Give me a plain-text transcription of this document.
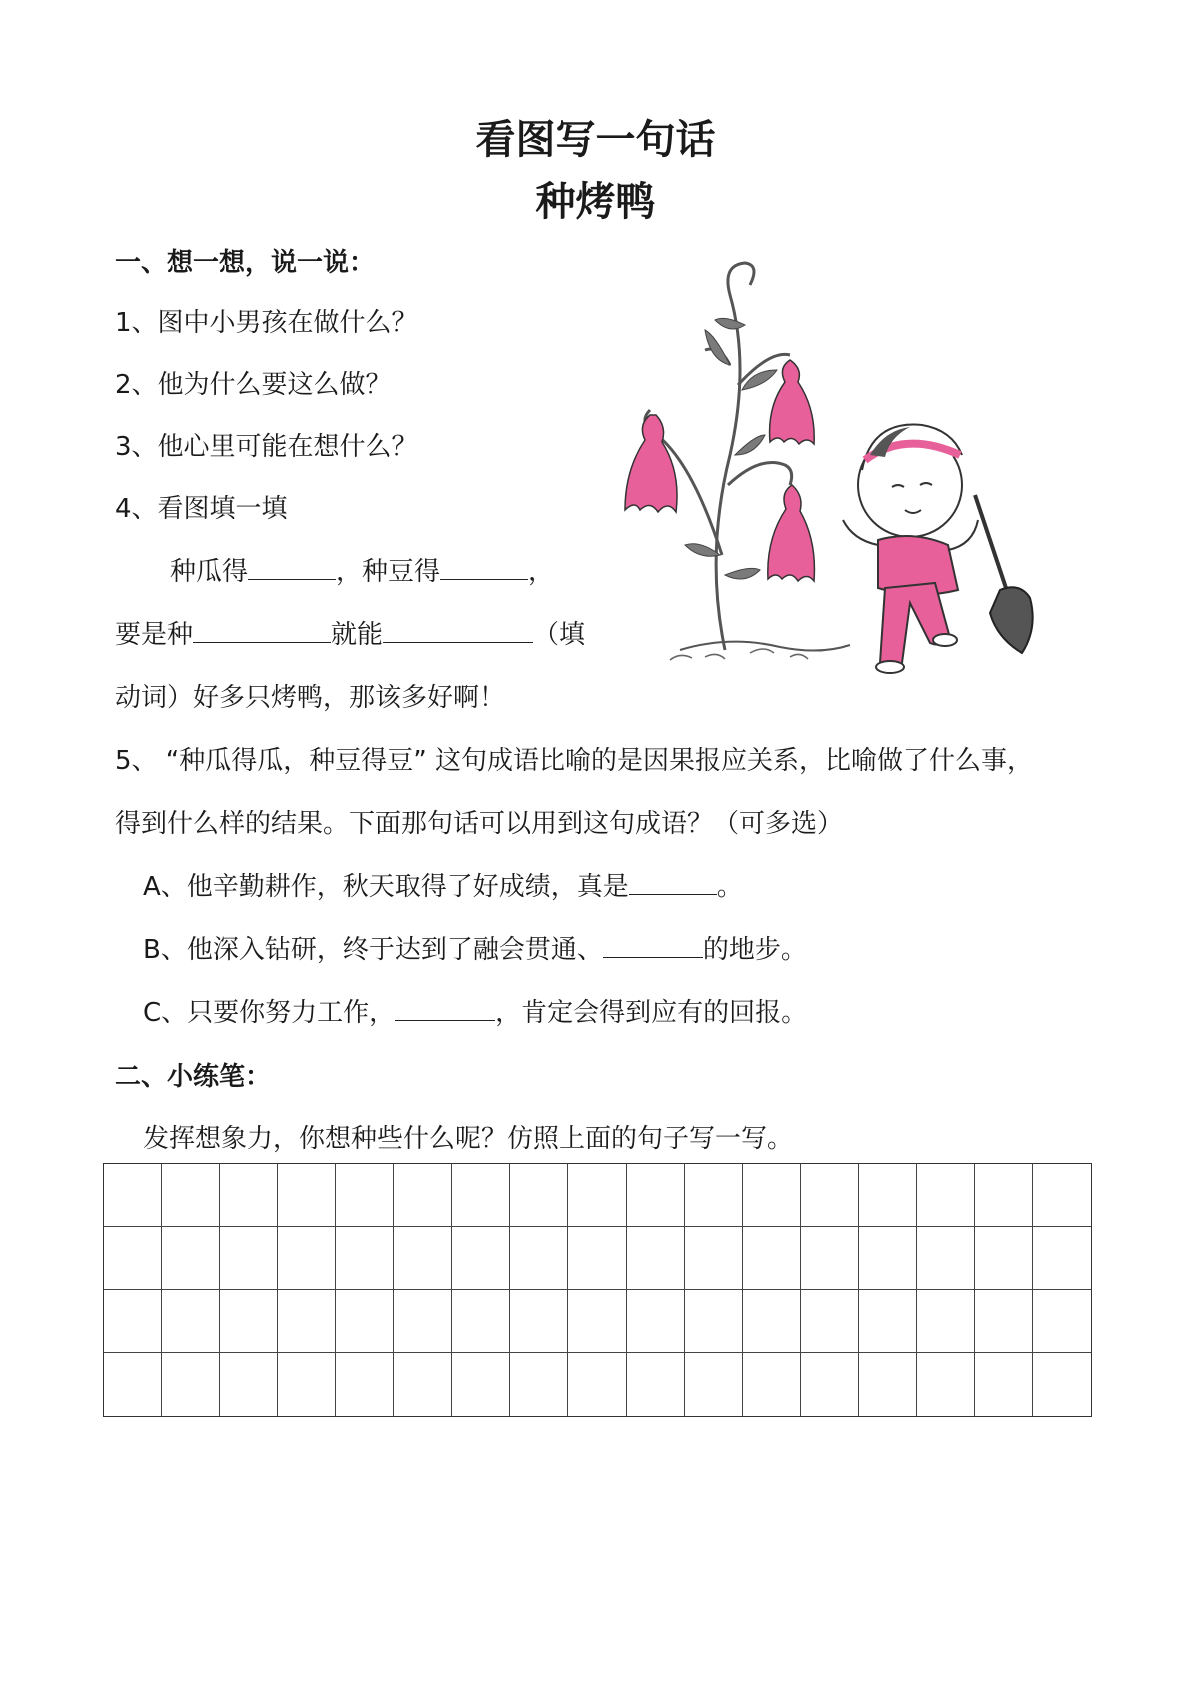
看图写一句话
种烤鸭
一、想一想，说一说：
1、图中小男孩在做什么？
2、他为什么要这么做？
3、他心里可能在想什么？
4、看图填一填
种瓜得	，种豆得	，
要是种	就能	（填
动词）好多只烤鸭，那该多好啊！
5、 “种瓜得瓜，种豆得豆” 这句成语比喻的是因果报应关系，比喻做了什么事，
得到什么样的结果。下面那句话可以用到这句成语？（可多选）
A、他辛勤耕作，秋天取得了好成绩，真是	。
B、他深入钻研，终于达到了融会贯通、	的地步。
C、只要你努力工作，	，肯定会得到应有的回报。
二、小练笔：
发挥想象力，你想种些什么呢？仿照上面的句子写一写。
